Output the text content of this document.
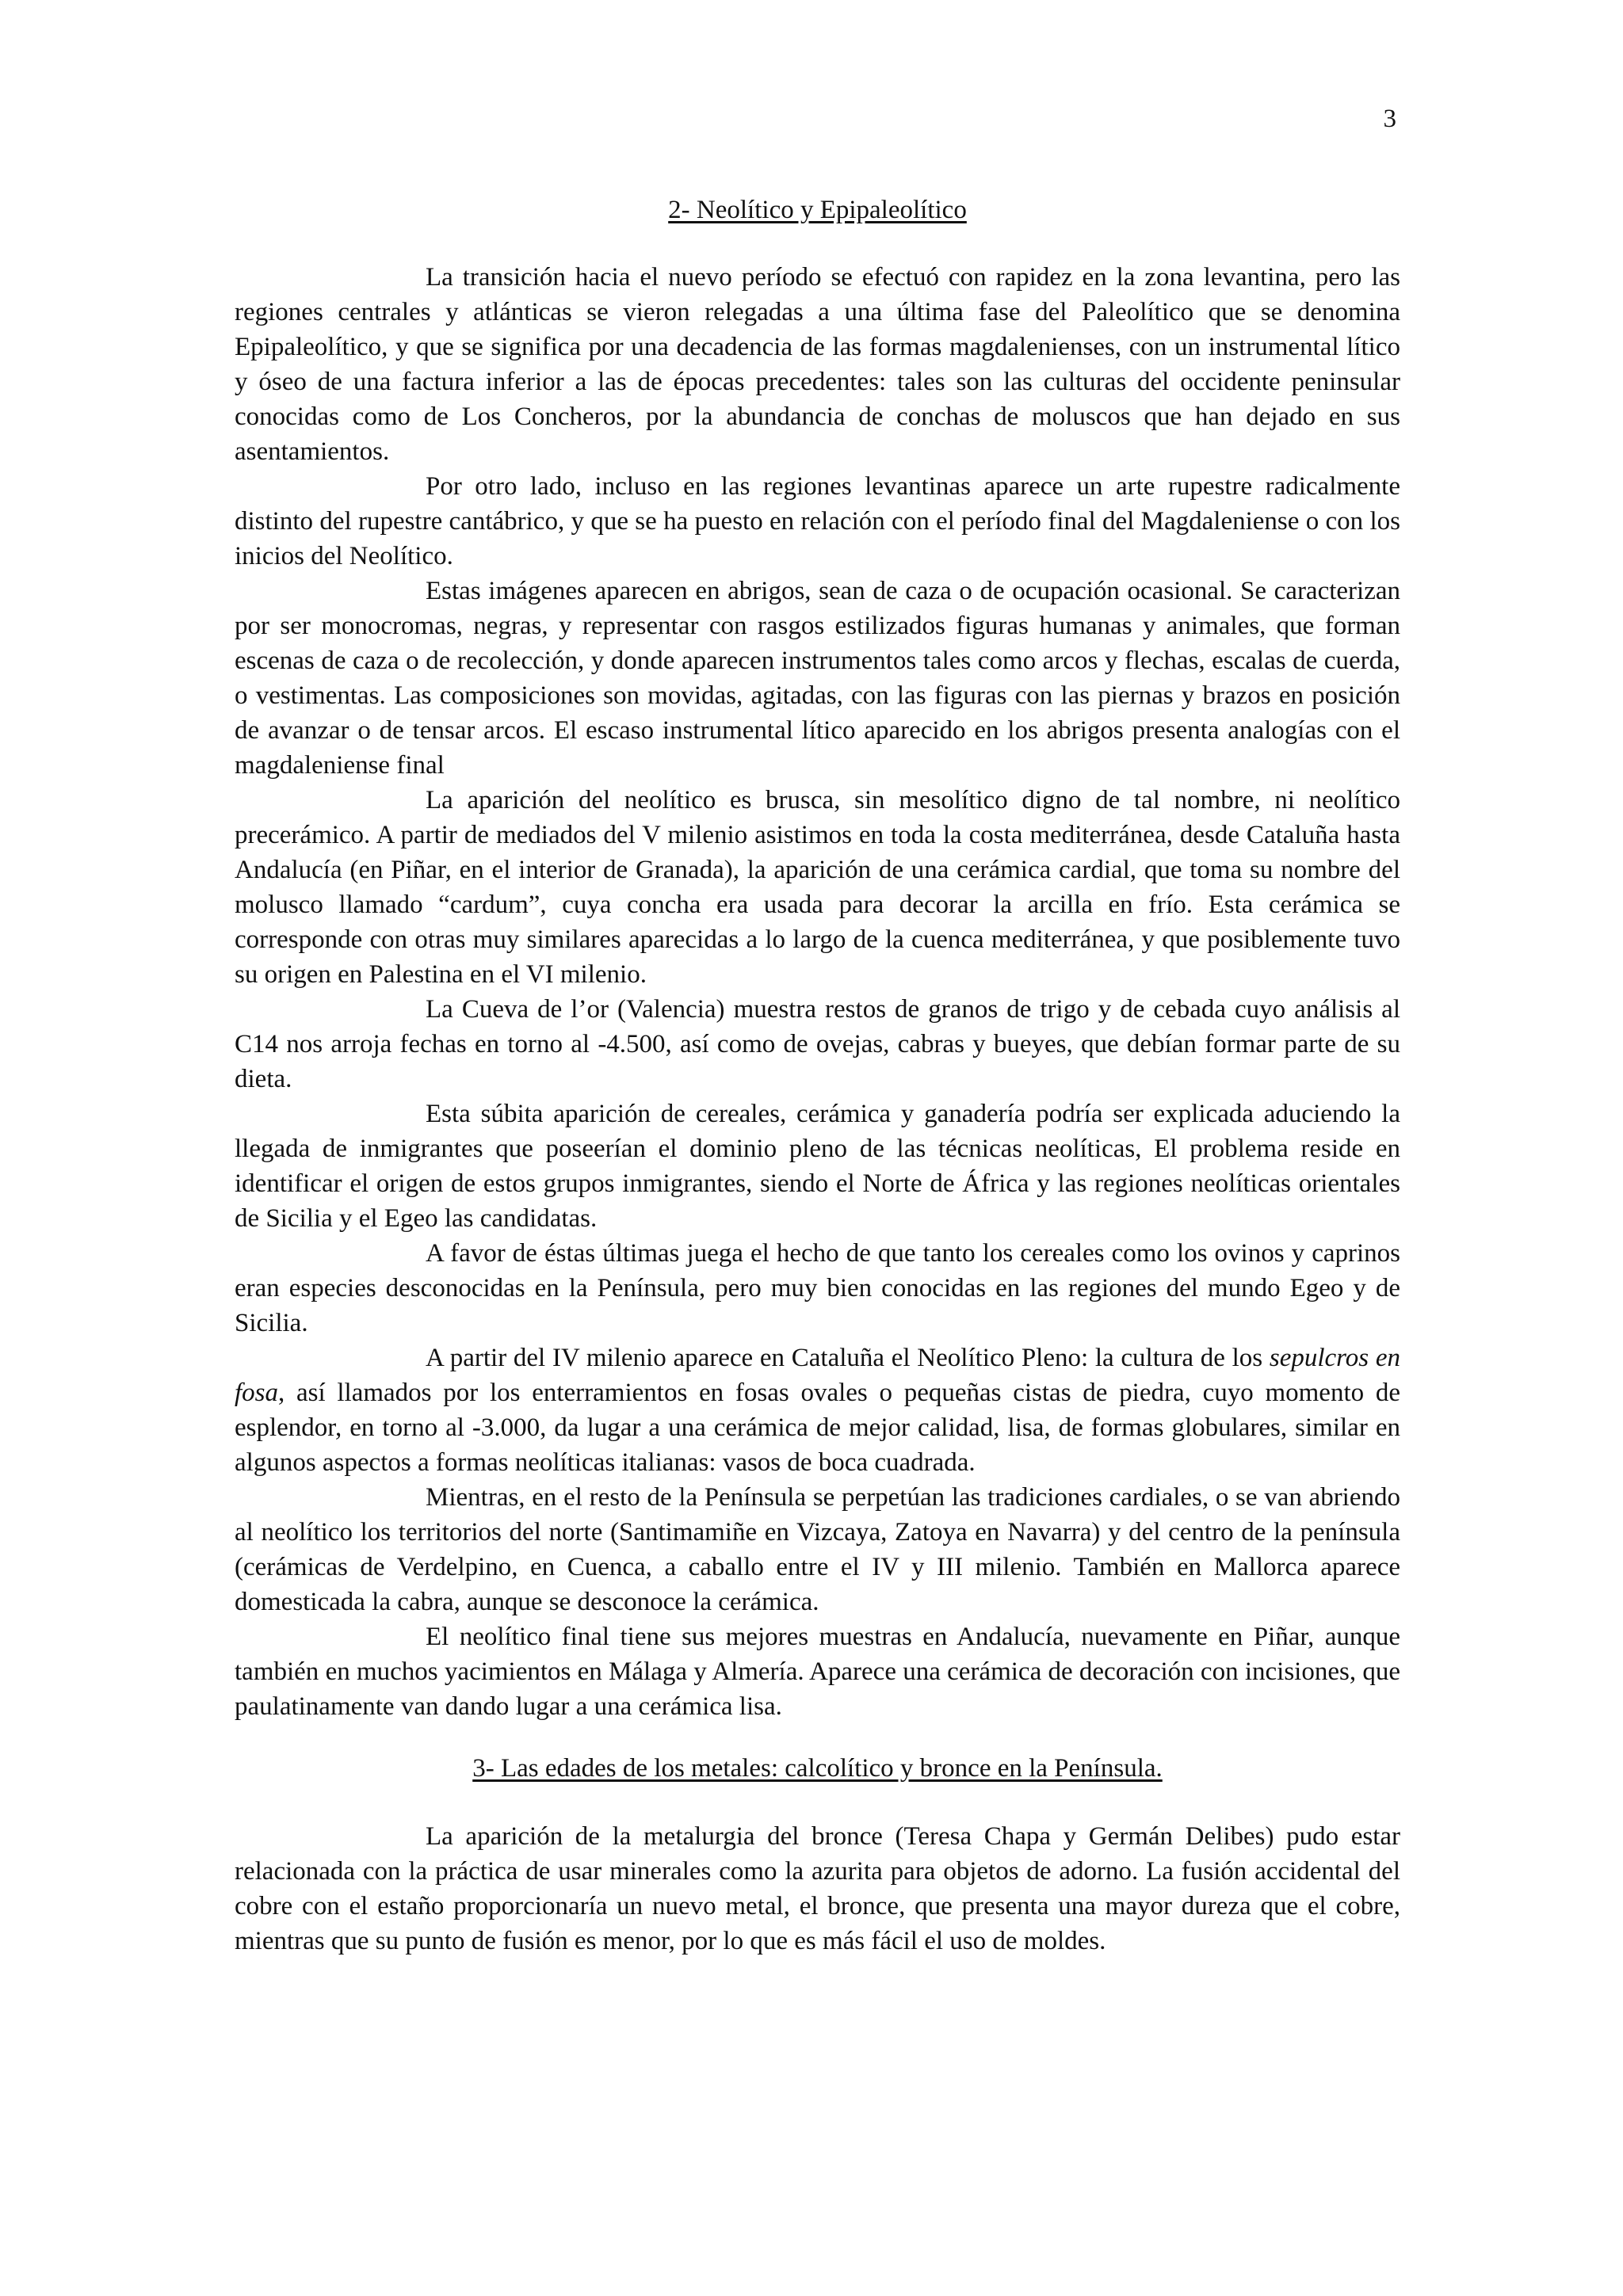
3
2- Neolítico y Epipaleolítico

La transición hacia el nuevo período se efectuó con rapidez en la zona levantina, pero las regiones centrales y atlánticas se vieron relegadas a una última fase del Paleolítico que se denomina Epipaleolítico, y que se significa por una decadencia de las formas magdalenienses, con un instrumental lítico y óseo de una factura inferior a las de épocas precedentes: tales son las culturas del occidente peninsular conocidas como de Los Concheros, por la abundancia de conchas de moluscos que han dejado en sus asentamientos.

Por otro lado, incluso en las regiones levantinas aparece un arte rupestre radicalmente distinto del rupestre cantábrico, y que se ha puesto en relación con el período final del Magdaleniense o con los inicios del Neolítico.

Estas imágenes aparecen en abrigos, sean de caza o de ocupación ocasional. Se caracterizan por ser monocromas, negras, y representar con rasgos estilizados figuras humanas y animales, que forman escenas de caza o de recolección, y donde aparecen instrumentos tales como arcos y flechas, escalas de cuerda, o vestimentas. Las composiciones son movidas, agitadas, con las figuras con las piernas y brazos en posición de avanzar o de tensar arcos. El escaso instrumental lítico aparecido en los abrigos presenta analogías con el magdaleniense final

La aparición del neolítico es brusca, sin mesolítico digno de tal nombre, ni neolítico precerámico. A partir de mediados del V milenio asistimos en toda la costa mediterránea, desde Cataluña hasta Andalucía (en Piñar, en el interior de Granada), la aparición de una cerámica cardial, que toma su nombre del molusco llamado “cardum”, cuya concha era usada para decorar la arcilla en frío. Esta cerámica se corresponde con otras muy similares aparecidas a lo largo de la cuenca mediterránea, y que posiblemente tuvo su origen en Palestina en el VI milenio.

La Cueva de l’or (Valencia) muestra restos de granos de trigo y de cebada cuyo análisis al C14 nos arroja fechas en torno al -4.500, así como de ovejas, cabras y bueyes, que debían formar parte de su dieta.

Esta súbita aparición de cereales, cerámica y ganadería podría ser explicada aduciendo la llegada de inmigrantes que poseerían el dominio pleno de las técnicas neolíticas, El problema reside en identificar el origen de estos grupos inmigrantes, siendo el Norte de África y las regiones neolíticas orientales de Sicilia y el Egeo las candidatas.

A favor de éstas últimas juega el hecho de que tanto los cereales como los ovinos y caprinos eran especies desconocidas en la Península, pero muy bien conocidas en las regiones del mundo Egeo y de Sicilia.

A partir del IV milenio aparece en Cataluña el Neolítico Pleno: la cultura de los sepulcros en fosa, así llamados por los enterramientos en fosas ovales o pequeñas cistas de piedra, cuyo momento de esplendor, en torno al -3.000, da lugar a una cerámica de mejor calidad, lisa, de formas globulares, similar en algunos aspectos a formas neolíticas italianas: vasos de boca cuadrada.

Mientras, en el resto de la Península se perpetúan las tradiciones cardiales, o se van abriendo al neolítico los territorios del norte (Santimamiñe en Vizcaya, Zatoya en Navarra) y del centro de la península (cerámicas de Verdelpino, en Cuenca, a caballo entre el IV y III milenio. También en Mallorca aparece domesticada la cabra, aunque se desconoce la cerámica.

El neolítico final tiene sus mejores muestras en Andalucía, nuevamente en Piñar, aunque también en muchos yacimientos en Málaga y Almería. Aparece una cerámica de decoración con incisiones, que paulatinamente van dando lugar a una cerámica lisa.

3- Las edades de los metales: calcolítico y bronce en la Península.

La aparición de la metalurgia del bronce (Teresa Chapa y Germán Delibes) pudo estar relacionada con la práctica de usar minerales como la azurita para objetos de adorno. La fusión accidental del cobre con el estaño proporcionaría un nuevo metal, el bronce, que presenta una mayor dureza que el cobre, mientras que su punto de fusión es menor, por lo que es más fácil el uso de moldes.
